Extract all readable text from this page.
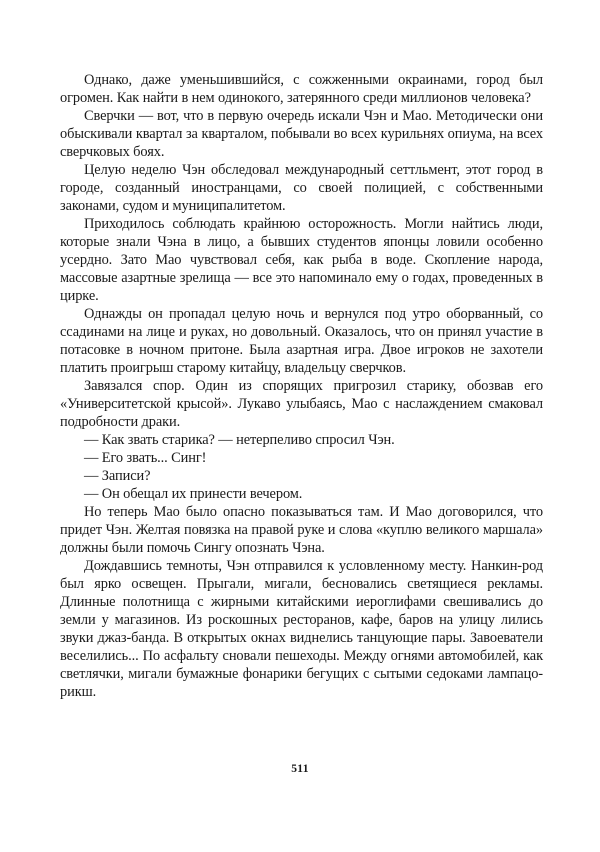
Однако, даже уменьшившийся, с сожженными окраинами, город был огромен. Как найти в нем одинокого, затерянного среди миллионов человека?

Сверчки — вот, что в первую очередь искали Чэн и Мао. Методически они обыскивали квартал за кварталом, побывали во всех курильнях опиума, на всех сверчковых боях.

Целую неделю Чэн обследовал международный сеттльмент, этот город в городе, созданный иностранцами, со своей полицией, с собственными законами, судом и муниципалитетом.

Приходилось соблюдать крайнюю осторожность. Могли найтись люди, которые знали Чэна в лицо, а бывших студентов японцы ловили особенно усердно. Зато Мао чувствовал себя, как рыба в воде. Скопление народа, массовые азартные зрелища — все это напоминало ему о годах, проведенных в цирке.

Однажды он пропадал целую ночь и вернулся под утро оборванный, со ссадинами на лице и руках, но довольный. Оказалось, что он принял участие в потасовке в ночном притоне. Была азартная игра. Двое игроков не захотели платить проигрыш старому китайцу, владельцу сверчков.

Завязался спор. Один из спорящих пригрозил старику, обозвав его «Университетской крысой». Лукаво улыбаясь, Мао с наслаждением смаковал подробности драки.

— Как звать старика? — нетерпеливо спросил Чэн.

— Его звать... Синг!

— Записи?

— Он обещал их принести вечером.

Но теперь Мао было опасно показываться там. И Мао договорился, что придет Чэн. Желтая повязка на правой руке и слова «куплю великого маршала» должны были помочь Сингу опознать Чэна.

Дождавшись темноты, Чэн отправился к условленному месту. Нанкин-род был ярко освещен. Прыгали, мигали, бесновались светящиеся рекламы. Длинные полотнища с жирными китайскими иероглифами свешивались до земли у магазинов. Из роскошных ресторанов, кафе, баров на улицу лились звуки джаз-банда. В открытых окнах виднелись танцующие пары. Завоеватели веселились... По асфальту сновали пешеходы. Между огнями автомобилей, как светлячки, мигали бумажные фонарики бегущих с сытыми седоками лампацо-рикш.

511
